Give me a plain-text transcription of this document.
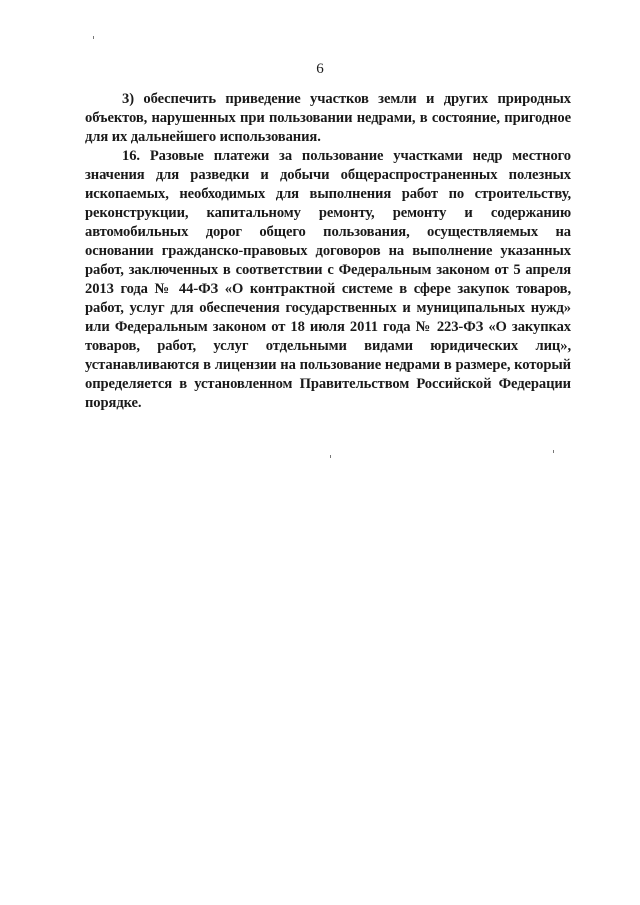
6

3) обеспечить приведение участков земли и других природных объектов, нарушенных при пользовании недрами, в состояние, пригодное для их дальнейшего использования.

16. Разовые платежи за пользование участками недр местного значения для разведки и добычи общераспространенных полезных ископаемых, необходимых для выполнения работ по строительству, реконструкции, капитальному ремонту, ремонту и содержанию автомобильных дорог общего пользования, осуществляемых на основании гражданско-правовых договоров на выполнение указанных работ, заключенных в соответствии с Федеральным законом от 5 апреля 2013 года № 44-ФЗ «О контрактной системе в сфере закупок товаров, работ, услуг для обеспечения государственных и муниципальных нужд» или Федеральным законом от 18 июля 2011 года № 223-ФЗ «О закупках товаров, работ, услуг отдельными видами юридических лиц», устанавливаются в лицензии на пользование недрами в размере, который определяется в установленном Правительством Российской Федерации порядке.
